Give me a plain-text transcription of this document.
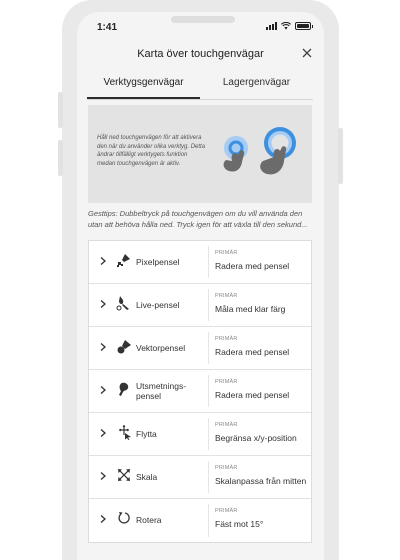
1:41
Karta över touchgenvägar
Verktygsgenvägar	Lagergenvägar
Håll ned touchgenvägen för att aktivera den när du använder olika verktyg. Detta ändrar tillfälligt verktygets funktion medan touchgenvägen är aktiv.
Gesttips: Dubbeltryck på touchgenvägen om du vill använda den utan att behöva hålla ned. Tryck igen för att växla till den sekund...
Pixelpensel
PRIMÄR
Radera med pensel
Live-pensel
PRIMÄR
Måla med klar färg
Vektorpensel
PRIMÄR
Radera med pensel
Utsmetnings-pensel
PRIMÄR
Radera med pensel
Flytta
PRIMÄR
Begränsa x/y-position
Skala
PRIMÄR
Skalanpassa från mitten
Rotera
PRIMÄR
Fäst mot 15°
